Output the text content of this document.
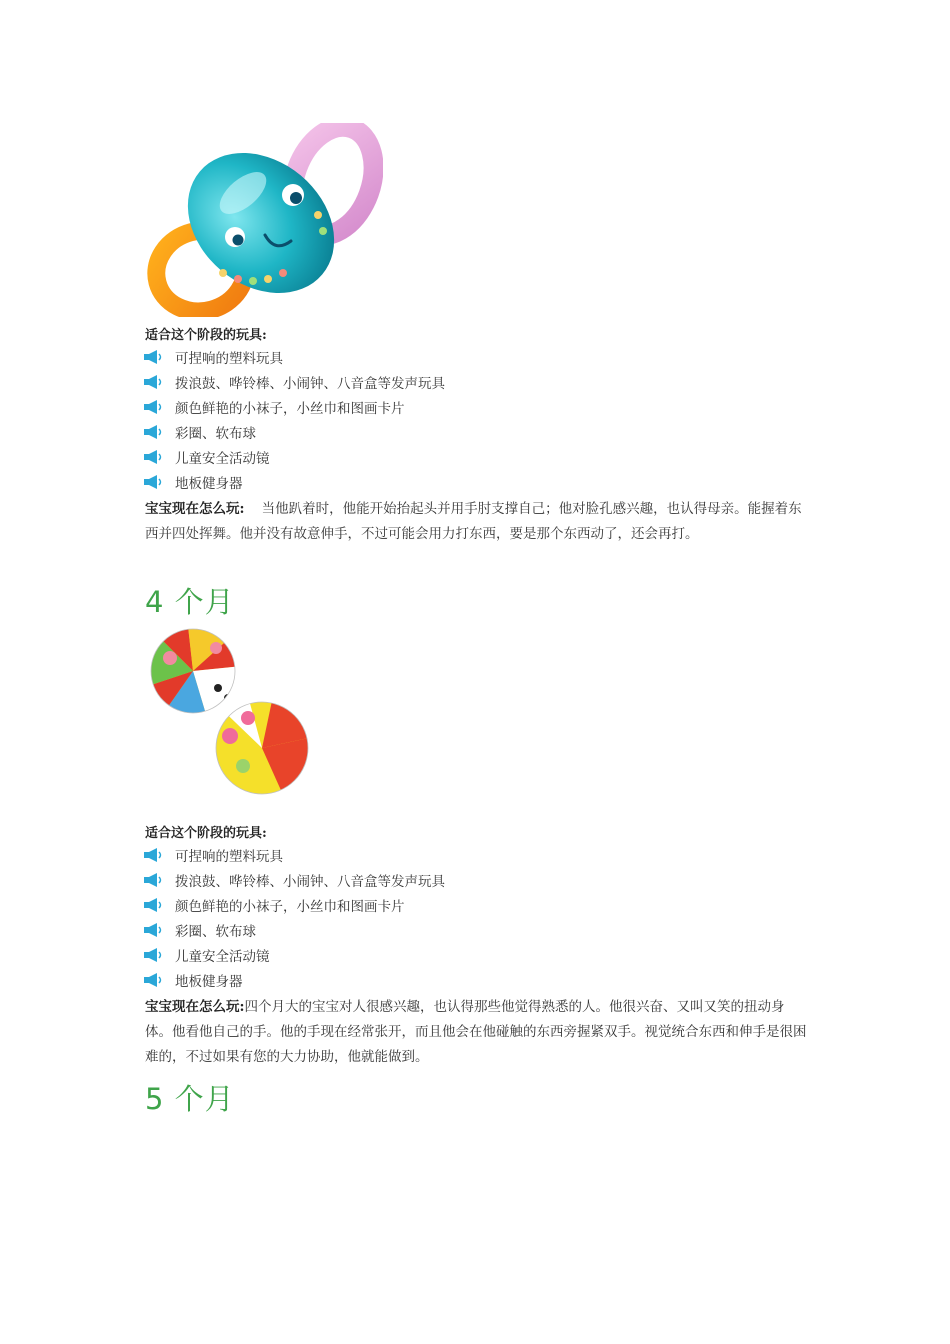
适合这个阶段的玩具:
可捏响的塑料玩具
拨浪鼓、哗铃棒、小闹钟、八音盒等发声玩具
颜色鲜艳的小袜子，小丝巾和图画卡片
彩圈、软布球
儿童安全活动镜
地板健身器
宝宝现在怎么玩: 当他趴着时，他能开始抬起头并用手肘支撑自己；他对脸孔感兴趣，也认得母亲。能握着东西并四处挥舞。他并没有故意伸手，不过可能会用力打东西，要是那个东西动了，还会再打。
4 个月
适合这个阶段的玩具:
可捏响的塑料玩具
拨浪鼓、哗铃棒、小闹钟、八音盒等发声玩具
颜色鲜艳的小袜子，小丝巾和图画卡片
彩圈、软布球
儿童安全活动镜
地板健身器
宝宝现在怎么玩:四个月大的宝宝对人很感兴趣，也认得那些他觉得熟悉的人。他很兴奋、又叫又笑的扭动身体。他看他自己的手。他的手现在经常张开，而且他会在他碰触的东西旁握紧双手。视觉统合东西和伸手是很困难的，不过如果有您的大力协助，他就能做到。
5 个月
